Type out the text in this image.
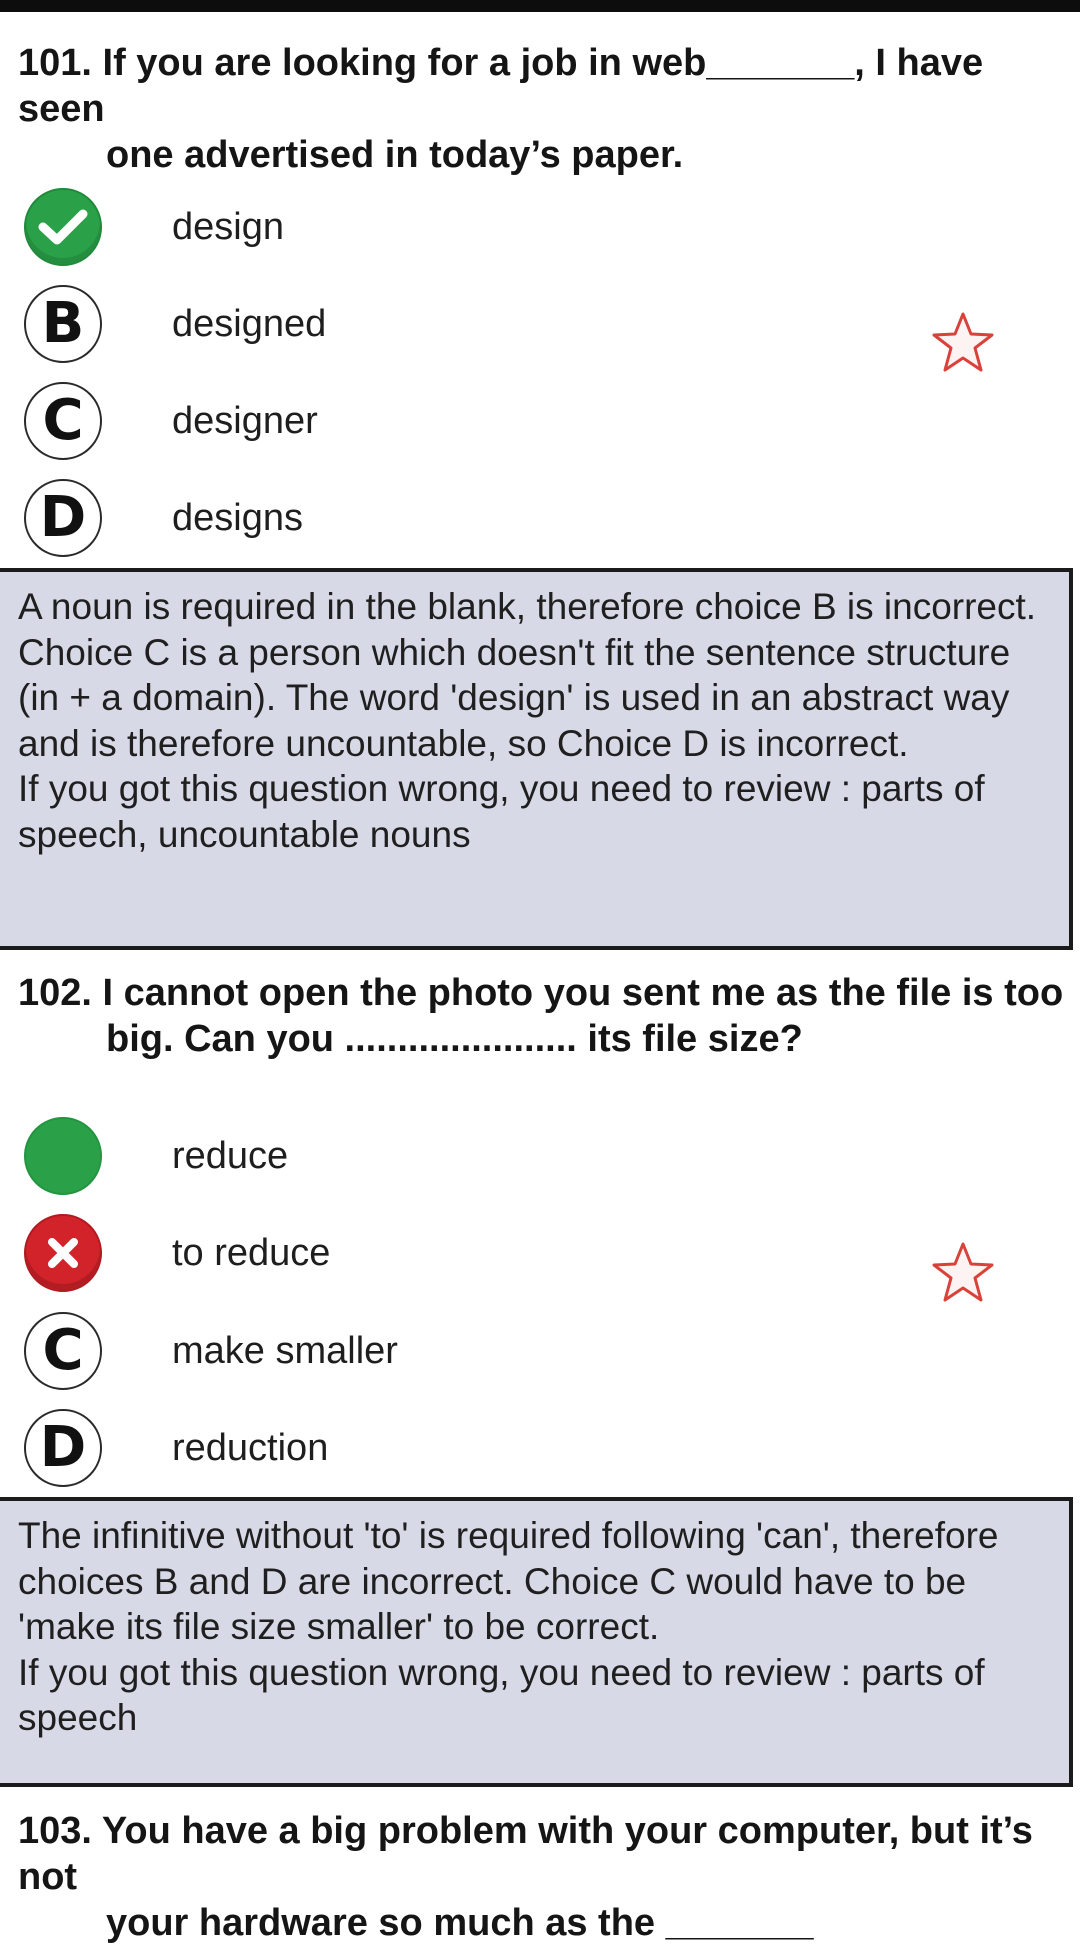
101. If you are looking for a job in web_______, I have seen
one advertised in today’s paper.
design
B	designed
C	designer
D	designs

A noun is required in the blank, therefore choice B is incorrect. Choice C is a person which doesn't fit the sentence structure (in + a domain). The word 'design' is used in an abstract way and is therefore uncountable, so Choice D is incorrect.

If you got this question wrong, you need to review : parts of speech, uncountable nouns

102. I cannot open the photo you sent me as the file is too
big. Can you ...................... its file size?
reduce
to reduce
C	make smaller
D	reduction

The infinitive without 'to' is required following 'can', therefore choices B and D are incorrect. Choice C would have to be 'make its file size smaller' to be correct.

If you got this question wrong, you need to review : parts of speech

103. You have a big problem with your computer, but it’s not
your hardware so much as the _______
